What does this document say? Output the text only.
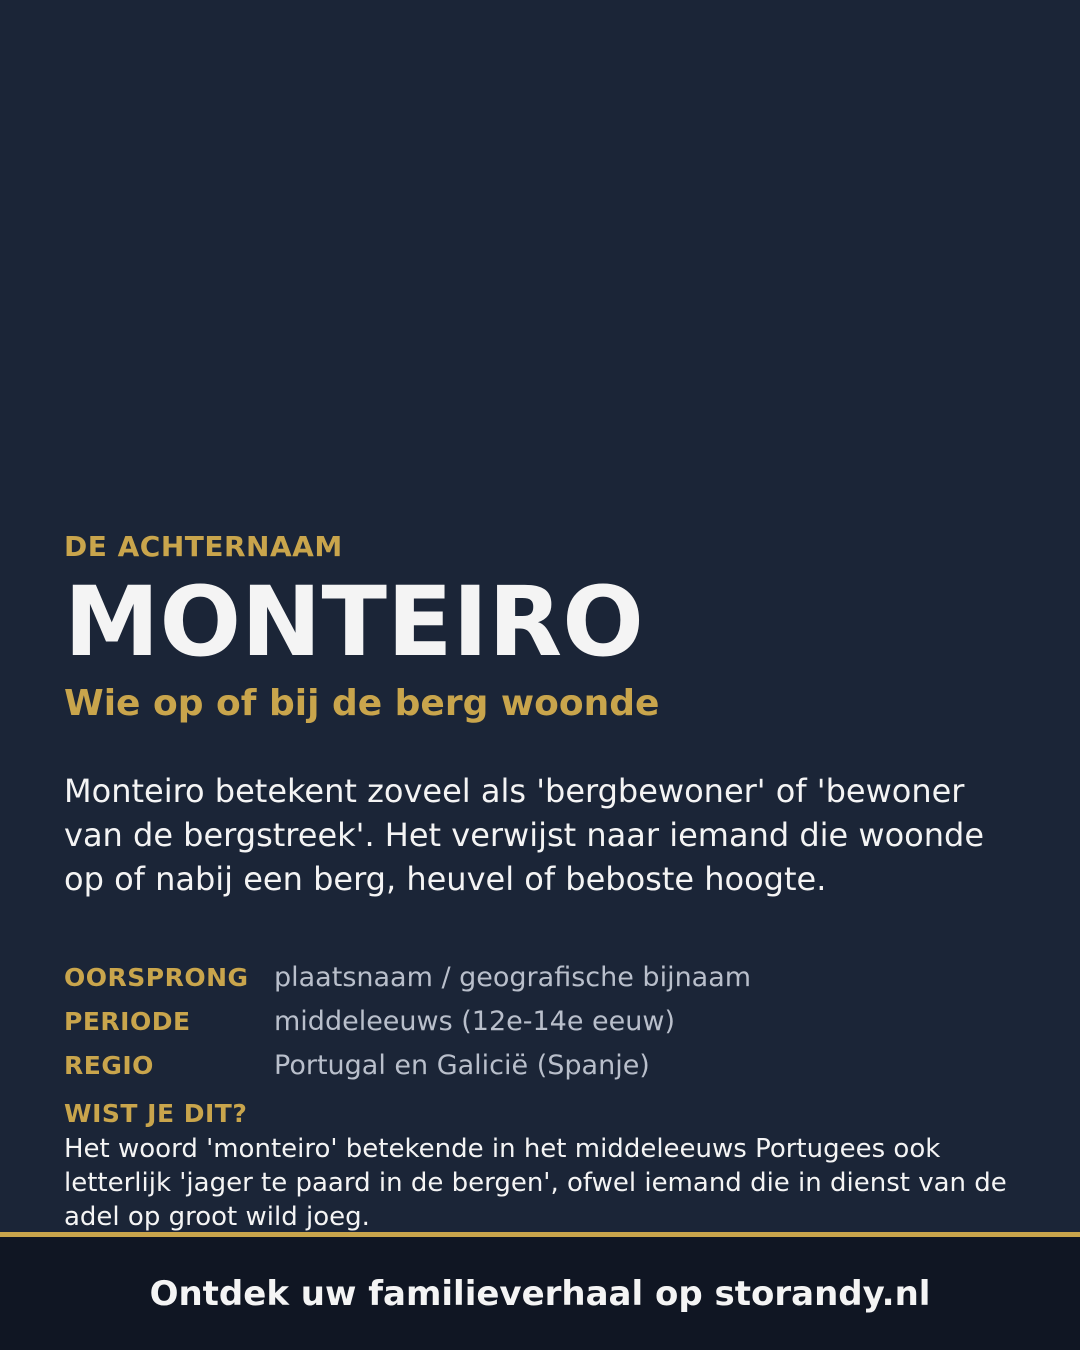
DE ACHTERNAAM
MONTEIRO
Wie op of bij de berg woonde

Monteiro betekent zoveel als 'bergbewoner' of 'bewoner van de bergstreek'. Het verwijst naar iemand die woonde op of nabij een berg, heuvel of beboste hoogte.

OORSPRONG plaatsnaam / geografische bijnaam
PERIODE	middeleeuws (12e-14e eeuw)
REGIO	Portugal en Galicië (Spanje)
WIST JE DIT?

Het woord 'monteiro' betekende in het middeleeuws Portugees ook letterlijk 'jager te paard in de bergen', ofwel iemand die in dienst van de adel op groot wild joeg.

Ontdek uw familieverhaal op storandy.nl
